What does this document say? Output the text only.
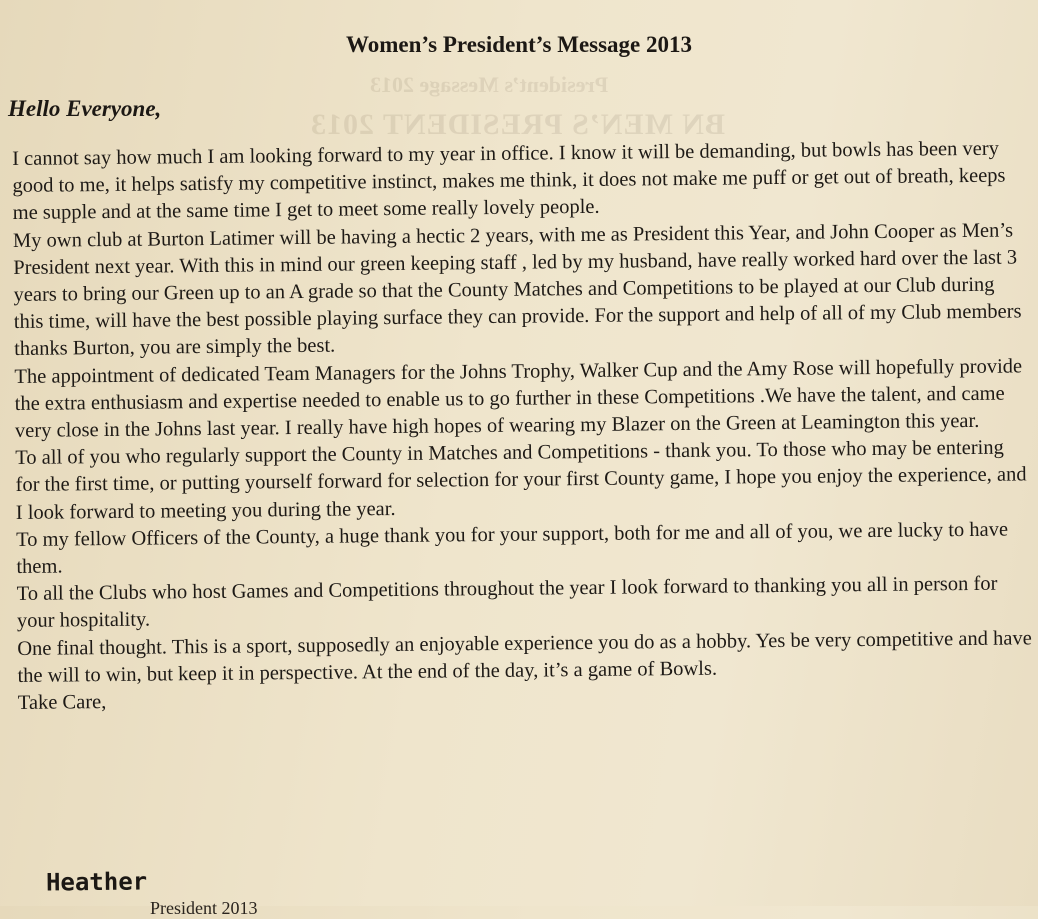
President’s Message 2013
BN MEN’S PRESIDENT 2013
Women’s President’s Message 2013
Hello Everyone,

I cannot say how much I am looking forward to my year in office. I know it will be demanding, but bowls has been very good to me, it helps satisfy my competitive instinct, makes me think, it does not make me puff or get out of breath, keeps me supple and at the same time I get to meet some really lovely people.

My own club at Burton Latimer will be having a hectic 2 years, with me as President this Year, and John Cooper as Men’s President next year. With this in mind our green keeping staff , led by my husband, have really worked hard over the last 3 years to bring our Green up to an A grade so that the County Matches and Competitions to be played at our Club during this time, will have the best possible playing surface they can provide. For the support and help of all of my Club members thanks Burton, you are simply the best.

The appointment of dedicated Team Managers for the Johns Trophy, Walker Cup and the Amy Rose will hopefully provide the extra enthusiasm and expertise needed to enable us to go further in these Competitions .We have the talent, and came very close in the Johns last year. I really have high hopes of wearing my Blazer on the Green at Leamington this year.

To all of you who regularly support the County in Matches and Competitions - thank you. To those who may be entering for the first time, or putting yourself forward for selection for your first County game, I hope you enjoy the experience, and I look forward to meeting you during the year.

To my fellow Officers of the County, a huge thank you for your support, both for me and all of you, we are lucky to have them.

To all the Clubs who host Games and Competitions throughout the year I look forward to thanking you all in person for your hospitality.

One final thought. This is a sport, supposedly an enjoyable experience you do as a hobby. Yes be very competitive and have the will to win, but keep it in perspective. At the end of the day, it’s a game of Bowls.

Take Care,

Heather
President 2013
